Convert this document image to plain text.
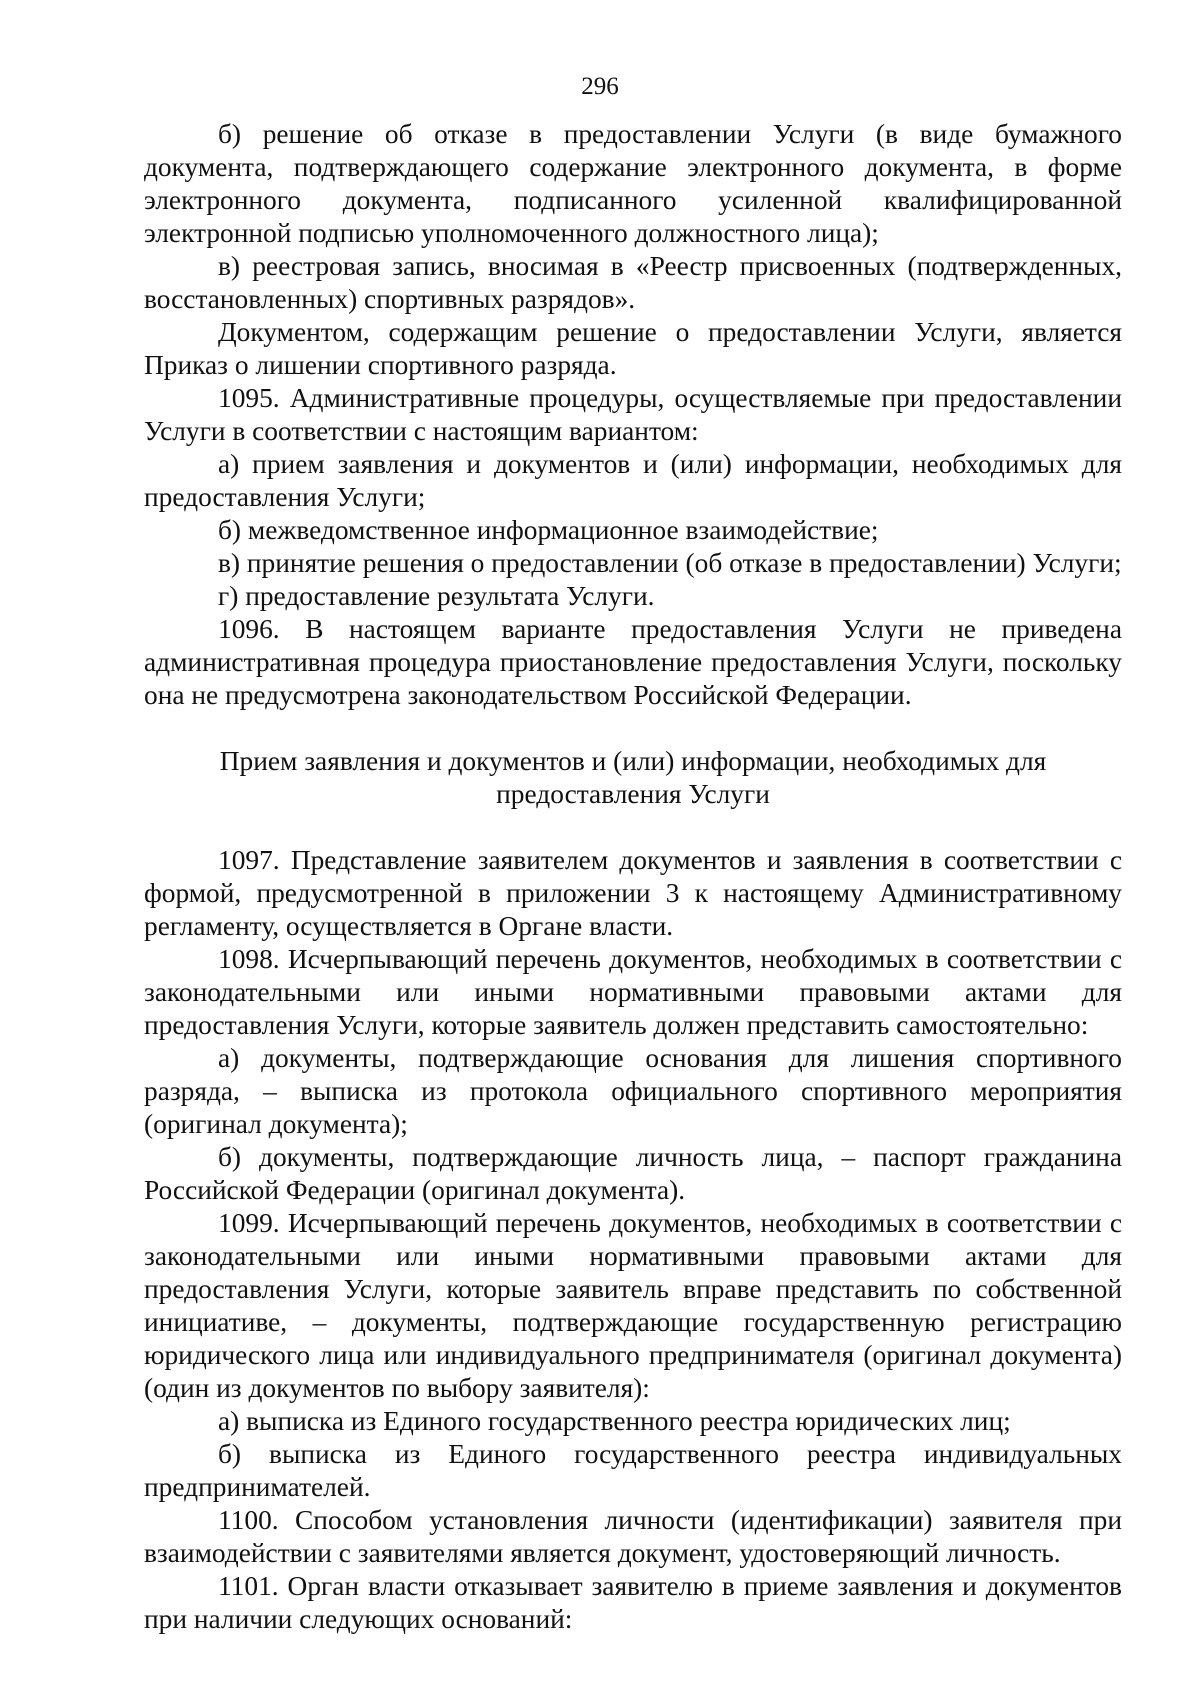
296

б) решение об отказе в предоставлении Услуги (в виде бумажного документа, подтверждающего содержание электронного документа, в форме электронного документа, подписанного усиленной квалифицированной электронной подписью уполномоченного должностного лица);

в) реестровая запись, вносимая в «Реестр присвоенных (подтвержденных, восстановленных) спортивных разрядов».

Документом, содержащим решение о предоставлении Услуги, является Приказ о лишении спортивного разряда.

1095. Административные процедуры, осуществляемые при предоставлении Услуги в соответствии с настоящим вариантом:

а) прием заявления и документов и (или) информации, необходимых для предоставления Услуги;

б) межведомственное информационное взаимодействие;

в) принятие решения о предоставлении (об отказе в предоставлении) Услуги;

г) предоставление результата Услуги.

1096. В настоящем варианте предоставления Услуги не приведена административная процедура приостановление предоставления Услуги, поскольку она не предусмотрена законодательством Российской Федерации.

Прием заявления и документов и (или) информации, необходимых для предоставления Услуги

1097. Представление заявителем документов и заявления в соответствии с формой, предусмотренной в приложении 3 к настоящему Административному регламенту, осуществляется в Органе власти.

1098. Исчерпывающий перечень документов, необходимых в соответствии с законодательными или иными нормативными правовыми актами для предоставления Услуги, которые заявитель должен представить самостоятельно:

а) документы, подтверждающие основания для лишения спортивного разряда, – выписка из протокола официального спортивного мероприятия (оригинал документа);

б) документы, подтверждающие личность лица, – паспорт гражданина Российской Федерации (оригинал документа).

1099. Исчерпывающий перечень документов, необходимых в соответствии с законодательными или иными нормативными правовыми актами для предоставления Услуги, которые заявитель вправе представить по собственной инициативе, – документы, подтверждающие государственную регистрацию юридического лица или индивидуального предпринимателя (оригинал документа) (один из документов по выбору заявителя):

а) выписка из Единого государственного реестра юридических лиц;

б) выписка из Единого государственного реестра индивидуальных предпринимателей.

1100. Способом установления личности (идентификации) заявителя при взаимодействии с заявителями является документ, удостоверяющий личность.

1101. Орган власти отказывает заявителю в приеме заявления и документов при наличии следующих оснований:
